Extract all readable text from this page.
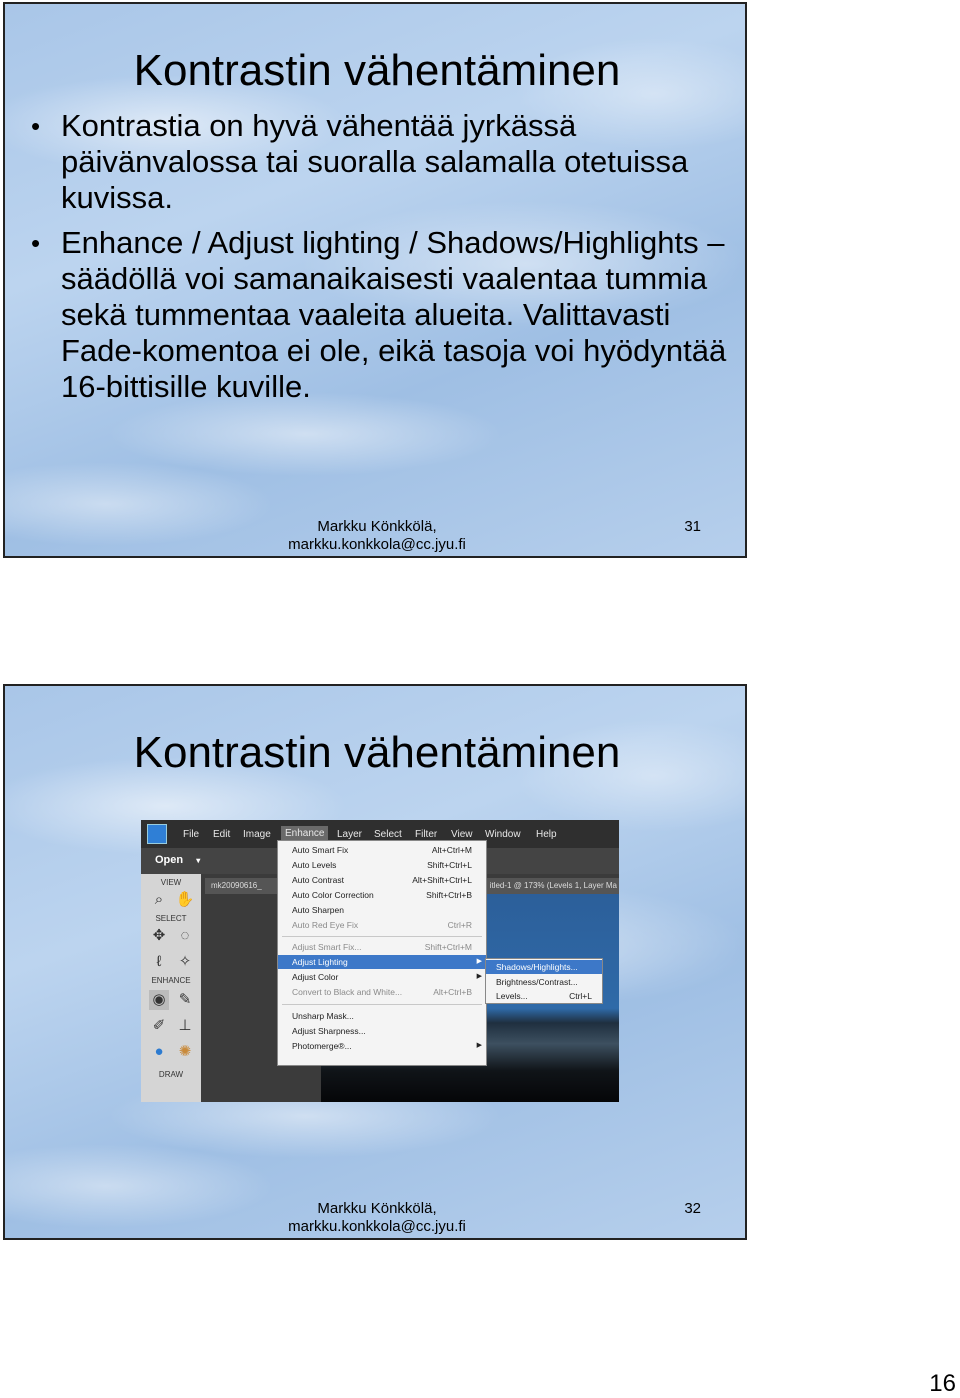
Kontrastin vähentäminen
• Kontrastia on hyvä vähentää jyrkässä päivänvalossa tai suoralla salamalla otetuissa kuvissa.
• Enhance / Adjust lighting / Shadows/Highlights –säädöllä voi samanaikaisesti vaalentaa tummia sekä tummentaa vaaleita alueita. Valittavasti Fade-komentoa ei ole, eikä tasoja voi hyödyntää 16-bittisille kuville.
Markku Könkkölä,
markku.konkkola@cc.jyu.fi
31
Kontrastin vähentäminen
File Edit Image	Enhance	Layer Select Filter View Window Help
Open ▾
VIEW
⌕ ✋
SELECT
✥	◌
ℓ	✧
ENHANCE
◉ ✎
✐ ⊥
●	✺
DRAW
mk20090616_	itled-1 @ 173% (Levels 1, Layer Ma
Auto Smart Fix	Alt+Ctrl+M
Auto Levels	Shift+Ctrl+L
Auto Contrast	Alt+Shift+Ctrl+L
Auto Color Correction	Shift+Ctrl+B
Auto Sharpen
Auto Red Eye Fix	Ctrl+R
Adjust Smart Fix...	Shift+Ctrl+M
Adjust Lighting	▶
Adjust Color	▶
Convert to Black and White...	Alt+Ctrl+B
Unsharp Mask...
Adjust Sharpness...
Photomerge®...	▶
Shadows/Highlights...
Brightness/Contrast...
Levels...	Ctrl+L
Markku Könkkölä,
markku.konkkola@cc.jyu.fi
32
16
